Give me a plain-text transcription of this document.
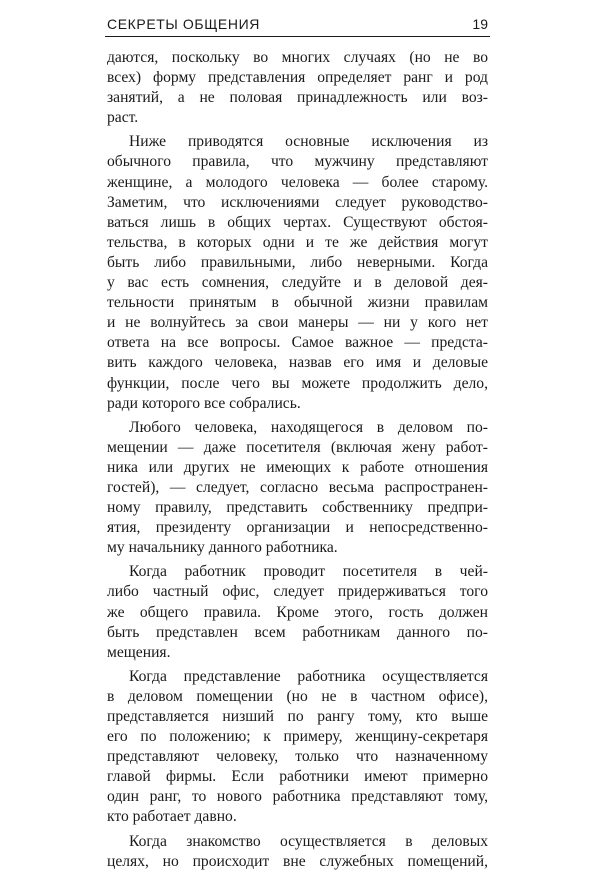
СЕКРЕТЫ ОБЩЕНИЯ	19
даются, поскольку во многих случаях (но не во
всех) форму представления определяет ранг и род
занятий, а не половая принадлежность или воз-
раст.
Ниже приводятся основные исключения из
обычного правила, что мужчину представляют
женщине, а молодого человека — более старому.
Заметим, что исключениями следует руководство-
ваться лишь в общих чертах. Существуют обстоя-
тельства, в которых одни и те же действия могут
быть либо правильными, либо неверными. Когда
у вас есть сомнения, следуйте и в деловой дея-
тельности принятым в обычной жизни правилам
и не волнуйтесь за свои манеры — ни у кого нет
ответа на все вопросы. Самое важное — предста-
вить каждого человека, назвав его имя и деловые
функции, после чего вы можете продолжить дело,
ради которого все собрались.
Любого человека, находящегося в деловом по-
мещении — даже посетителя (включая жену работ-
ника или других не имеющих к работе отношения
гостей), — следует, согласно весьма распространен-
ному правилу, представить собственнику предпри-
ятия, президенту организации и непосредственно-
му начальнику данного работника.
Когда работник проводит посетителя в чей-
либо частный офис, следует придерживаться того
же общего правила. Кроме этого, гость должен
быть представлен всем работникам данного по-
мещения.
Когда представление работника осуществляется
в деловом помещении (но не в частном офисе),
представляется низший по рангу тому, кто выше
его по положению; к примеру, женщину-секретаря
представляют человеку, только что назначенному
главой фирмы. Если работники имеют примерно
один ранг, то нового работника представляют тому,
кто работает давно.
Когда знакомство осуществляется в деловых
целях, но происходит вне служебных помещений,
